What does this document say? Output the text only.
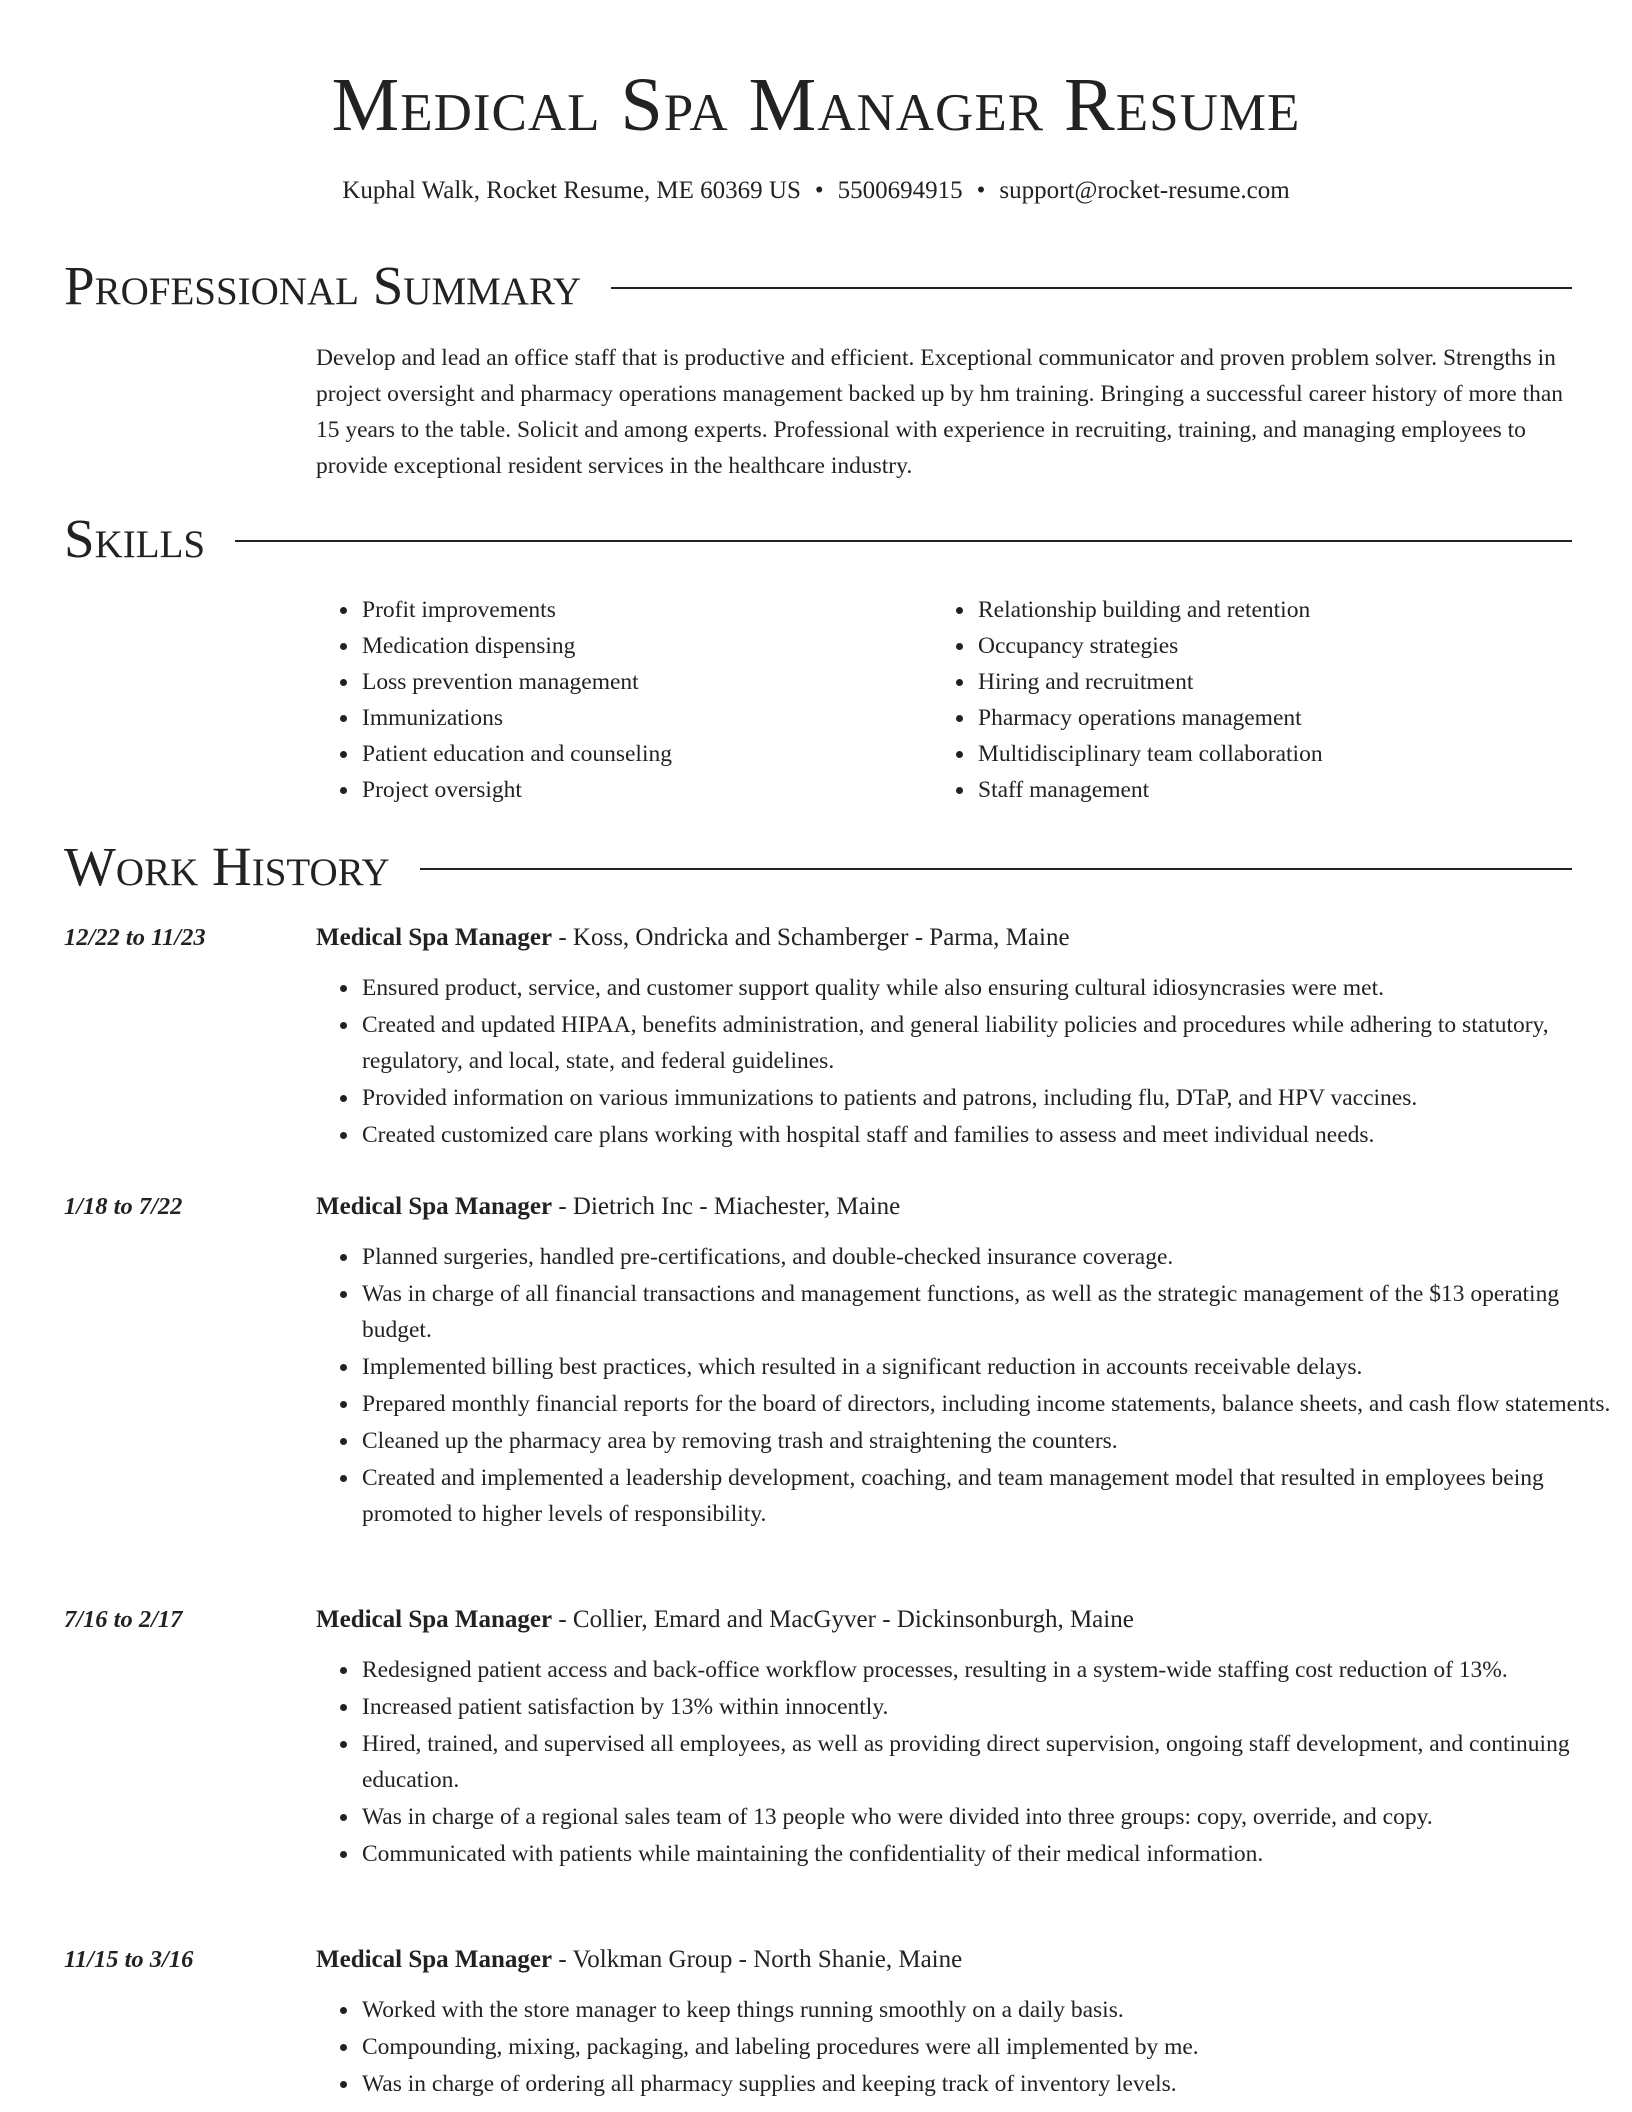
Medical Spa Manager Resume
Kuphal Walk, Rocket Resume, ME 60369 US • 5500694915 • support@rocket-resume.com
Professional Summary

Develop and lead an office staff that is productive and efficient. Exceptional communicator and proven problem solver. Strengths in project oversight and pharmacy operations management backed up by hm training. Bringing a successful career history of more than 15 years to the table. Solicit and among experts. Professional with experience in recruiting, training, and managing employees to provide exceptional resident services in the healthcare industry.

Skills
• Profit improvements
• Medication dispensing
• Loss prevention management
• Immunizations
• Patient education and counseling
• Project oversight
• Relationship building and retention
• Occupancy strategies
• Hiring and recruitment
• Pharmacy operations management
• Multidisciplinary team collaboration
• Staff management
Work History
12/22 to 11/23	Medical Spa Manager - Koss, Ondricka and Schamberger - Parma, Maine
• Ensured product, service, and customer support quality while also ensuring cultural idiosyncrasies were met.
• Created and updated HIPAA, benefits administration, and general liability policies and procedures while adhering to statutory, regulatory, and local, state, and federal guidelines.
• Provided information on various immunizations to patients and patrons, including flu, DTaP, and HPV vaccines.
• Created customized care plans working with hospital staff and families to assess and meet individual needs.
1/18 to 7/22	Medical Spa Manager - Dietrich Inc - Miachester, Maine
• Planned surgeries, handled pre-certifications, and double-checked insurance coverage.
• Was in charge of all financial transactions and management functions, as well as the strategic management of the $13 operating budget.
• Implemented billing best practices, which resulted in a significant reduction in accounts receivable delays.
• Prepared monthly financial reports for the board of directors, including income statements, balance sheets, and cash flow statements.
• Cleaned up the pharmacy area by removing trash and straightening the counters.
• Created and implemented a leadership development, coaching, and team management model that resulted in employees being promoted to higher levels of responsibility.
7/16 to 2/17	Medical Spa Manager - Collier, Emard and MacGyver - Dickinsonburgh, Maine
• Redesigned patient access and back-office workflow processes, resulting in a system-wide staffing cost reduction of 13%.
• Increased patient satisfaction by 13% within innocently.
• Hired, trained, and supervised all employees, as well as providing direct supervision, ongoing staff development, and continuing education.
• Was in charge of a regional sales team of 13 people who were divided into three groups: copy, override, and copy.
• Communicated with patients while maintaining the confidentiality of their medical information.
11/15 to 3/16	Medical Spa Manager - Volkman Group - North Shanie, Maine
• Worked with the store manager to keep things running smoothly on a daily basis.
• Compounding, mixing, packaging, and labeling procedures were all implemented by me.
• Was in charge of ordering all pharmacy supplies and keeping track of inventory levels.
